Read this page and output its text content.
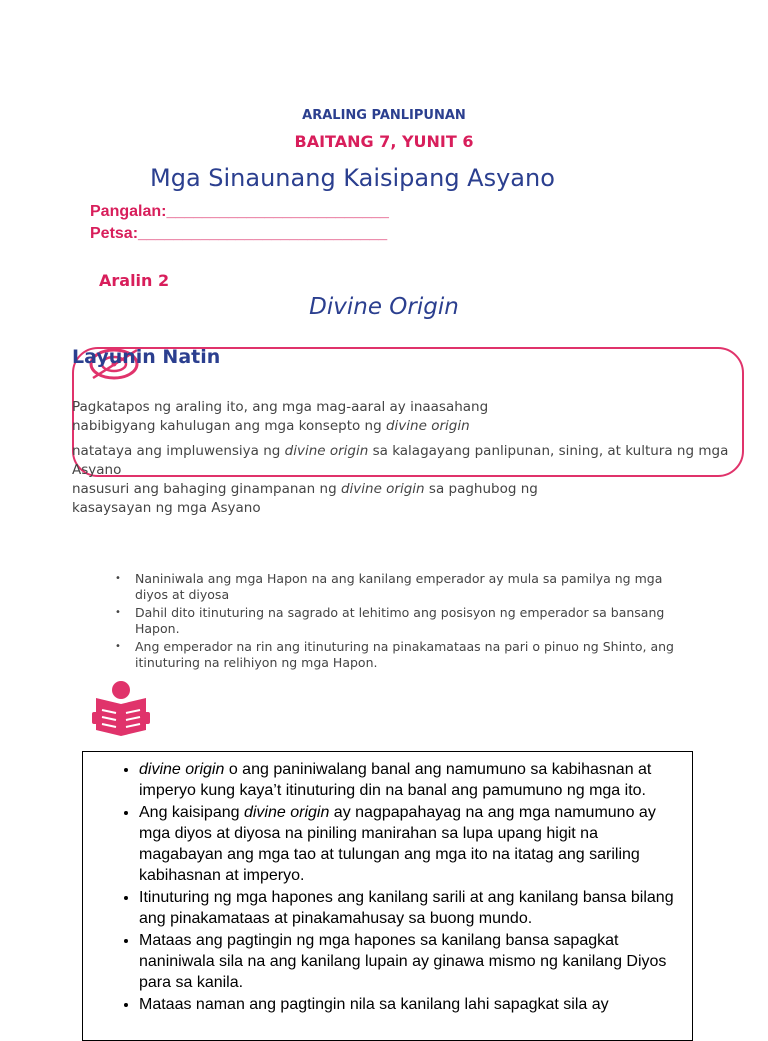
ARALING PANLIPUNAN
BAITANG 7, YUNIT 6
Mga Sinaunang Kaisipang Asyano
Pangalan:_________________________
Petsa:____________________________
Aralin 2
Divine Origin
Layunin Natin
Pagkatapos ng araling ito, ang mga mag-aaral ay inaasahang
nabibigyang kahulugan ang mga konsepto ng divine origin
natataya ang impluwensiya ng divine origin sa kalagayang panlipunan, sining, at kultura ng mga Asyano
nasusuri ang bahaging ginampanan ng divine origin sa paghubog ng
kasaysayan ng mga Asyano
• Naniniwala ang mga Hapon na ang kanilang emperador ay mula sa pamilya ng mga diyos at diyosa
• Dahil dito itinuturing na sagrado at lehitimo ang posisyon ng emperador sa bansang Hapon.
• Ang emperador na rin ang itinuturing na pinakamataas na pari o pinuo ng Shinto, ang itinuturing na relihiyon ng mga Hapon.
• divine origin o ang paniniwalang banal ang namumuno sa kabihasnan at imperyo kung kaya’t itinuturing din na banal ang pamumuno ng mga ito.
• Ang kaisipang divine origin ay nagpapahayag na ang mga namumuno ay mga diyos at diyosa na piniling manirahan sa lupa upang higit na magabayan ang mga tao at tulungan ang mga ito na itatag ang sariling kabihasnan at imperyo.
• Itinuturing ng mga hapones ang kanilang sarili at ang kanilang bansa bilang ang pinakamataas at pinakamahusay sa buong mundo.
• Mataas ang pagtingin ng mga hapones sa kanilang bansa sapagkat naniniwala sila na ang kanilang lupain ay ginawa mismo ng kanilang Diyos para sa kanila.
• Mataas naman ang pagtingin nila sa kanilang lahi sapagkat sila ay
